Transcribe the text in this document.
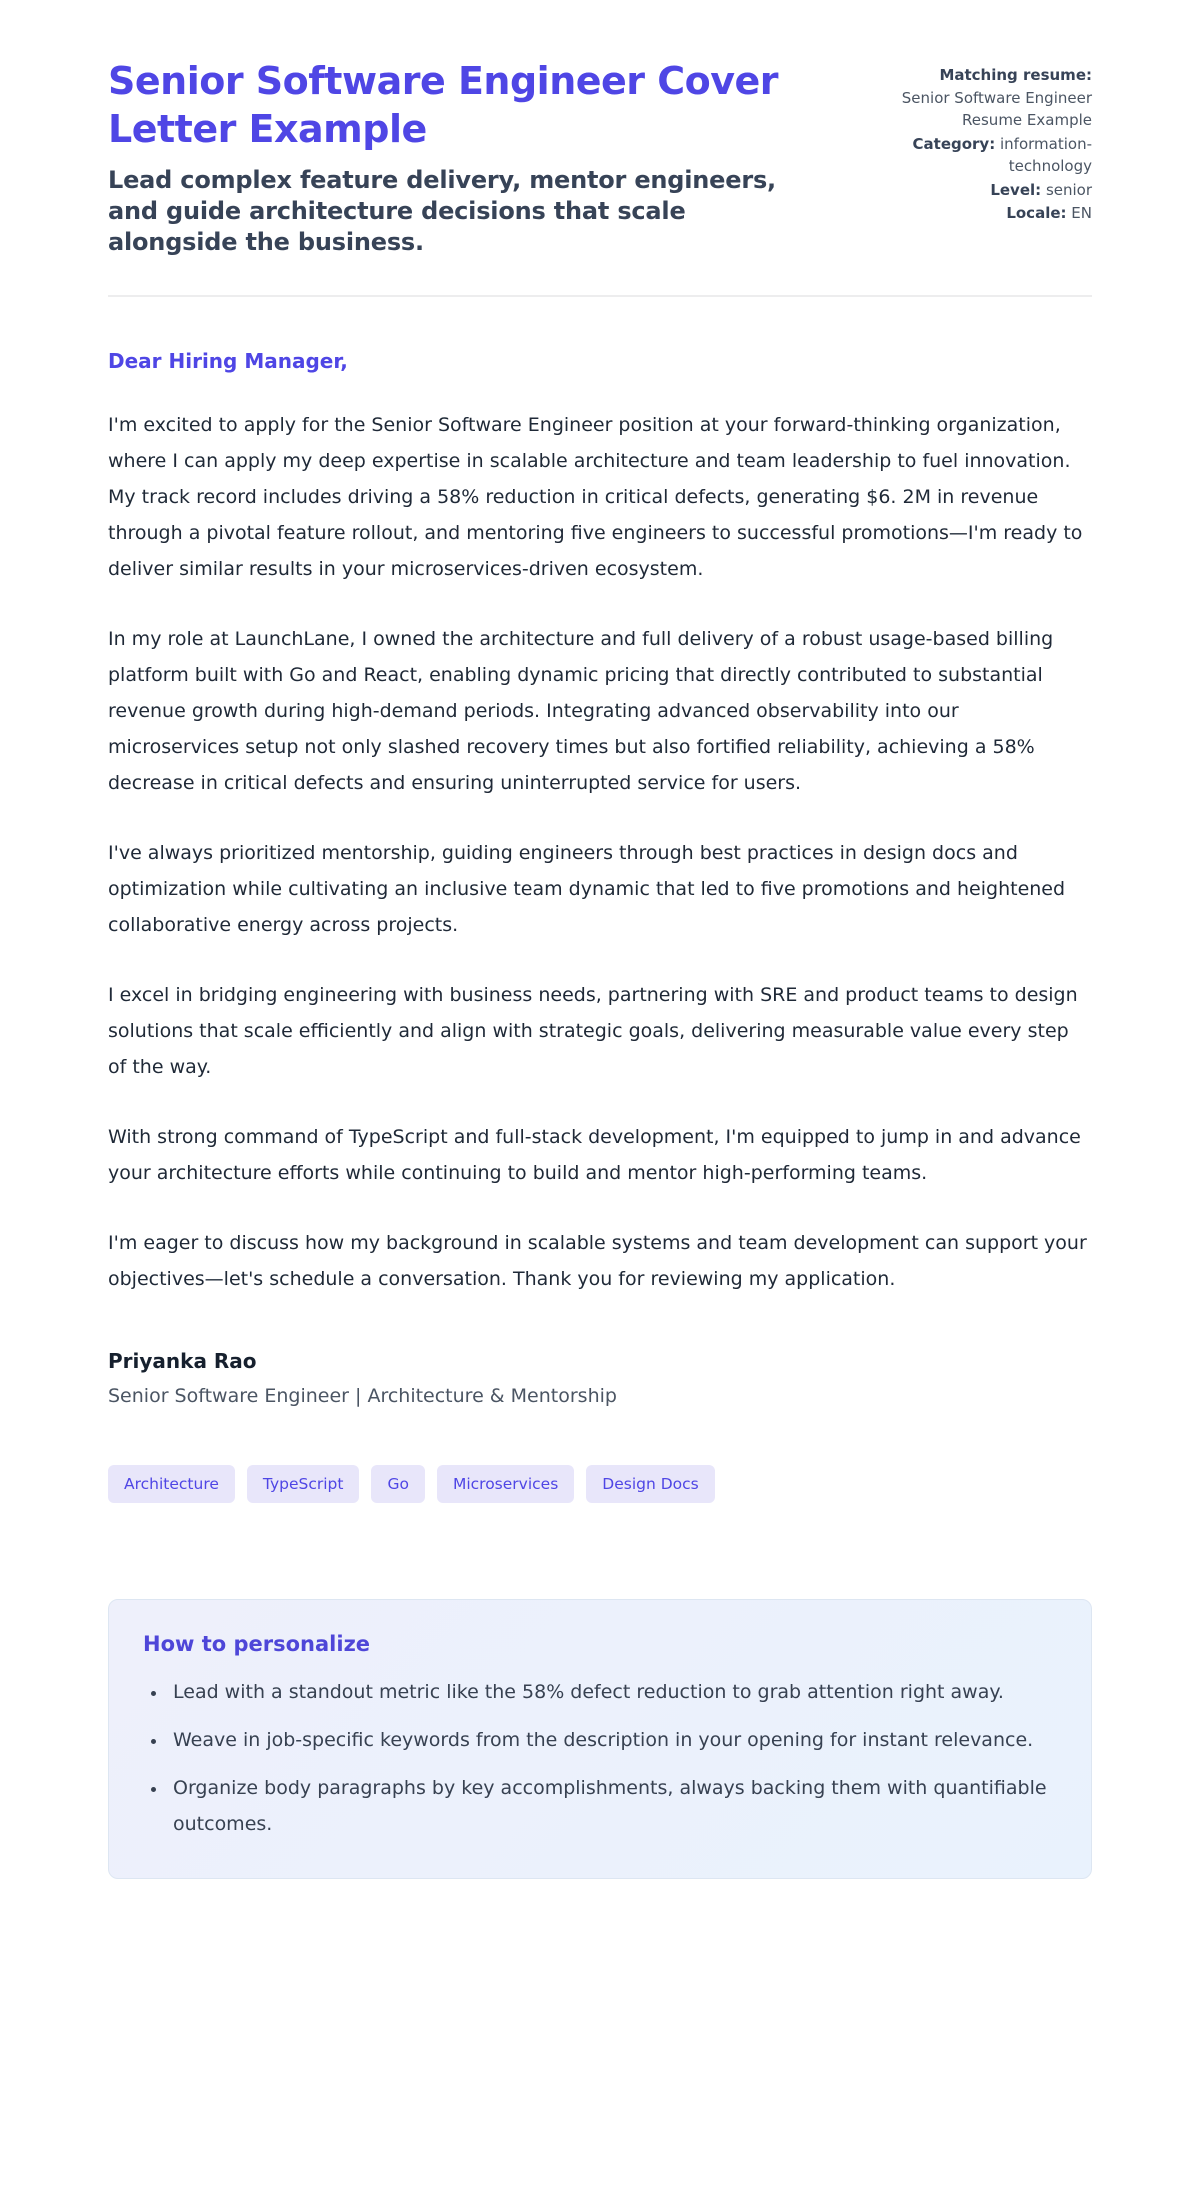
Senior Software Engineer Cover Letter Example
Lead complex feature delivery, mentor engineers, and guide architecture decisions that scale alongside the business.
Matching resume:
Senior Software Engineer Resume Example
Category: information-technology
Level: senior
Locale: EN
Dear Hiring Manager,

I'm excited to apply for the Senior Software Engineer position at your forward-thinking organization, where I can apply my deep expertise in scalable architecture and team leadership to fuel innovation. My track record includes driving a 58% reduction in critical defects, generating $6. 2M in revenue through a pivotal feature rollout, and mentoring five engineers to successful promotions—I'm ready to deliver similar results in your microservices-driven ecosystem.

In my role at LaunchLane, I owned the architecture and full delivery of a robust usage-based billing platform built with Go and React, enabling dynamic pricing that directly contributed to substantial revenue growth during high-demand periods. Integrating advanced observability into our microservices setup not only slashed recovery times but also fortified reliability, achieving a 58% decrease in critical defects and ensuring uninterrupted service for users.

I've always prioritized mentorship, guiding engineers through best practices in design docs and optimization while cultivating an inclusive team dynamic that led to five promotions and heightened collaborative energy across projects.

I excel in bridging engineering with business needs, partnering with SRE and product teams to design solutions that scale efficiently and align with strategic goals, delivering measurable value every step of the way.

With strong command of TypeScript and full-stack development, I'm equipped to jump in and advance your architecture efforts while continuing to build and mentor high-performing teams.

I'm eager to discuss how my background in scalable systems and team development can support your objectives—let's schedule a conversation. Thank you for reviewing my application.

Priyanka Rao
Senior Software Engineer | Architecture & Mentorship
Architecture	TypeScript	Go	Microservices	Design Docs
How to personalize
• Lead with a standout metric like the 58% defect reduction to grab attention right away.
• Weave in job-specific keywords from the description in your opening for instant relevance.
• Organize body paragraphs by key accomplishments, always backing them with quantifiable outcomes.
